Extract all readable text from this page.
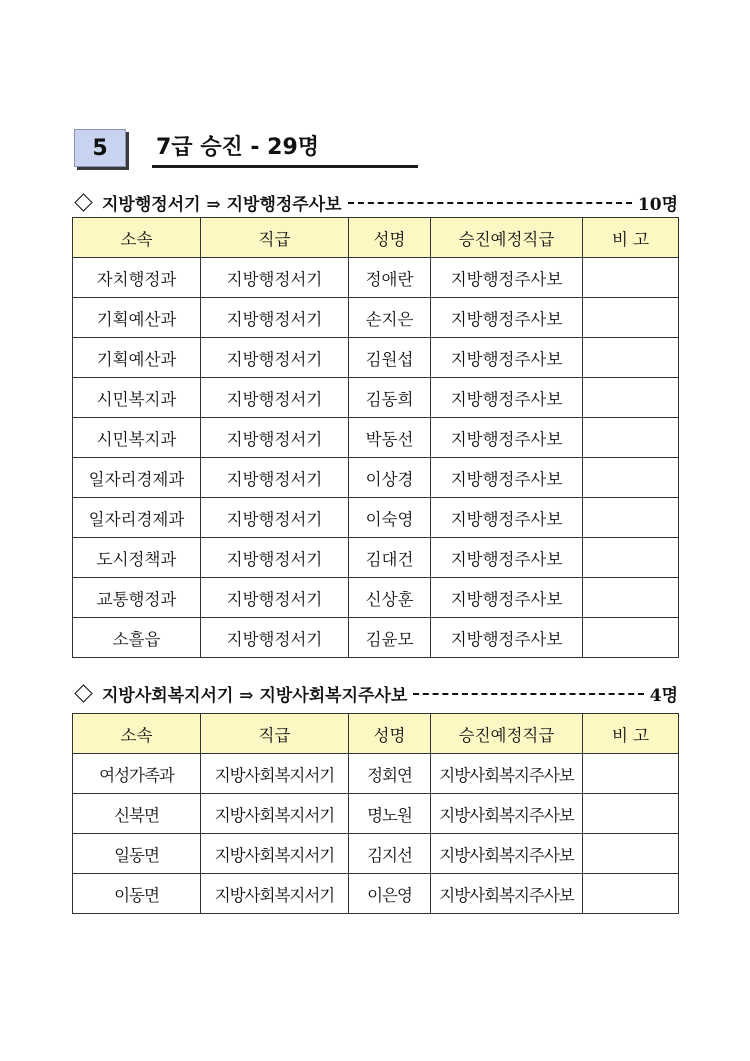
5	7급 승진 - 29명
지방행정서기 ⇒ 지방행정주사보	10명
소속	직급	성명	승진예정직급	비 고
자치행정과	지방행정서기	정애란	지방행정주사보	
기획예산과	지방행정서기	손지은	지방행정주사보	
기획예산과	지방행정서기	김원섭	지방행정주사보	
시민복지과	지방행정서기	김동희	지방행정주사보	
시민복지과	지방행정서기	박동선	지방행정주사보	
일자리경제과	지방행정서기	이상경	지방행정주사보	
일자리경제과	지방행정서기	이숙영	지방행정주사보	
도시정책과	지방행정서기	김대건	지방행정주사보	
교통행정과	지방행정서기	신상훈	지방행정주사보	
소흘읍	지방행정서기	김윤모	지방행정주사보	
지방사회복지서기 ⇒ 지방사회복지주사보	4명
소속	직급	성명	승진예정직급	비 고
여성가족과	지방사회복지서기	정회연	지방사회복지주사보	
신북면	지방사회복지서기	명노원	지방사회복지주사보	
일동면	지방사회복지서기	김지선	지방사회복지주사보	
이동면	지방사회복지서기	이은영	지방사회복지주사보	
